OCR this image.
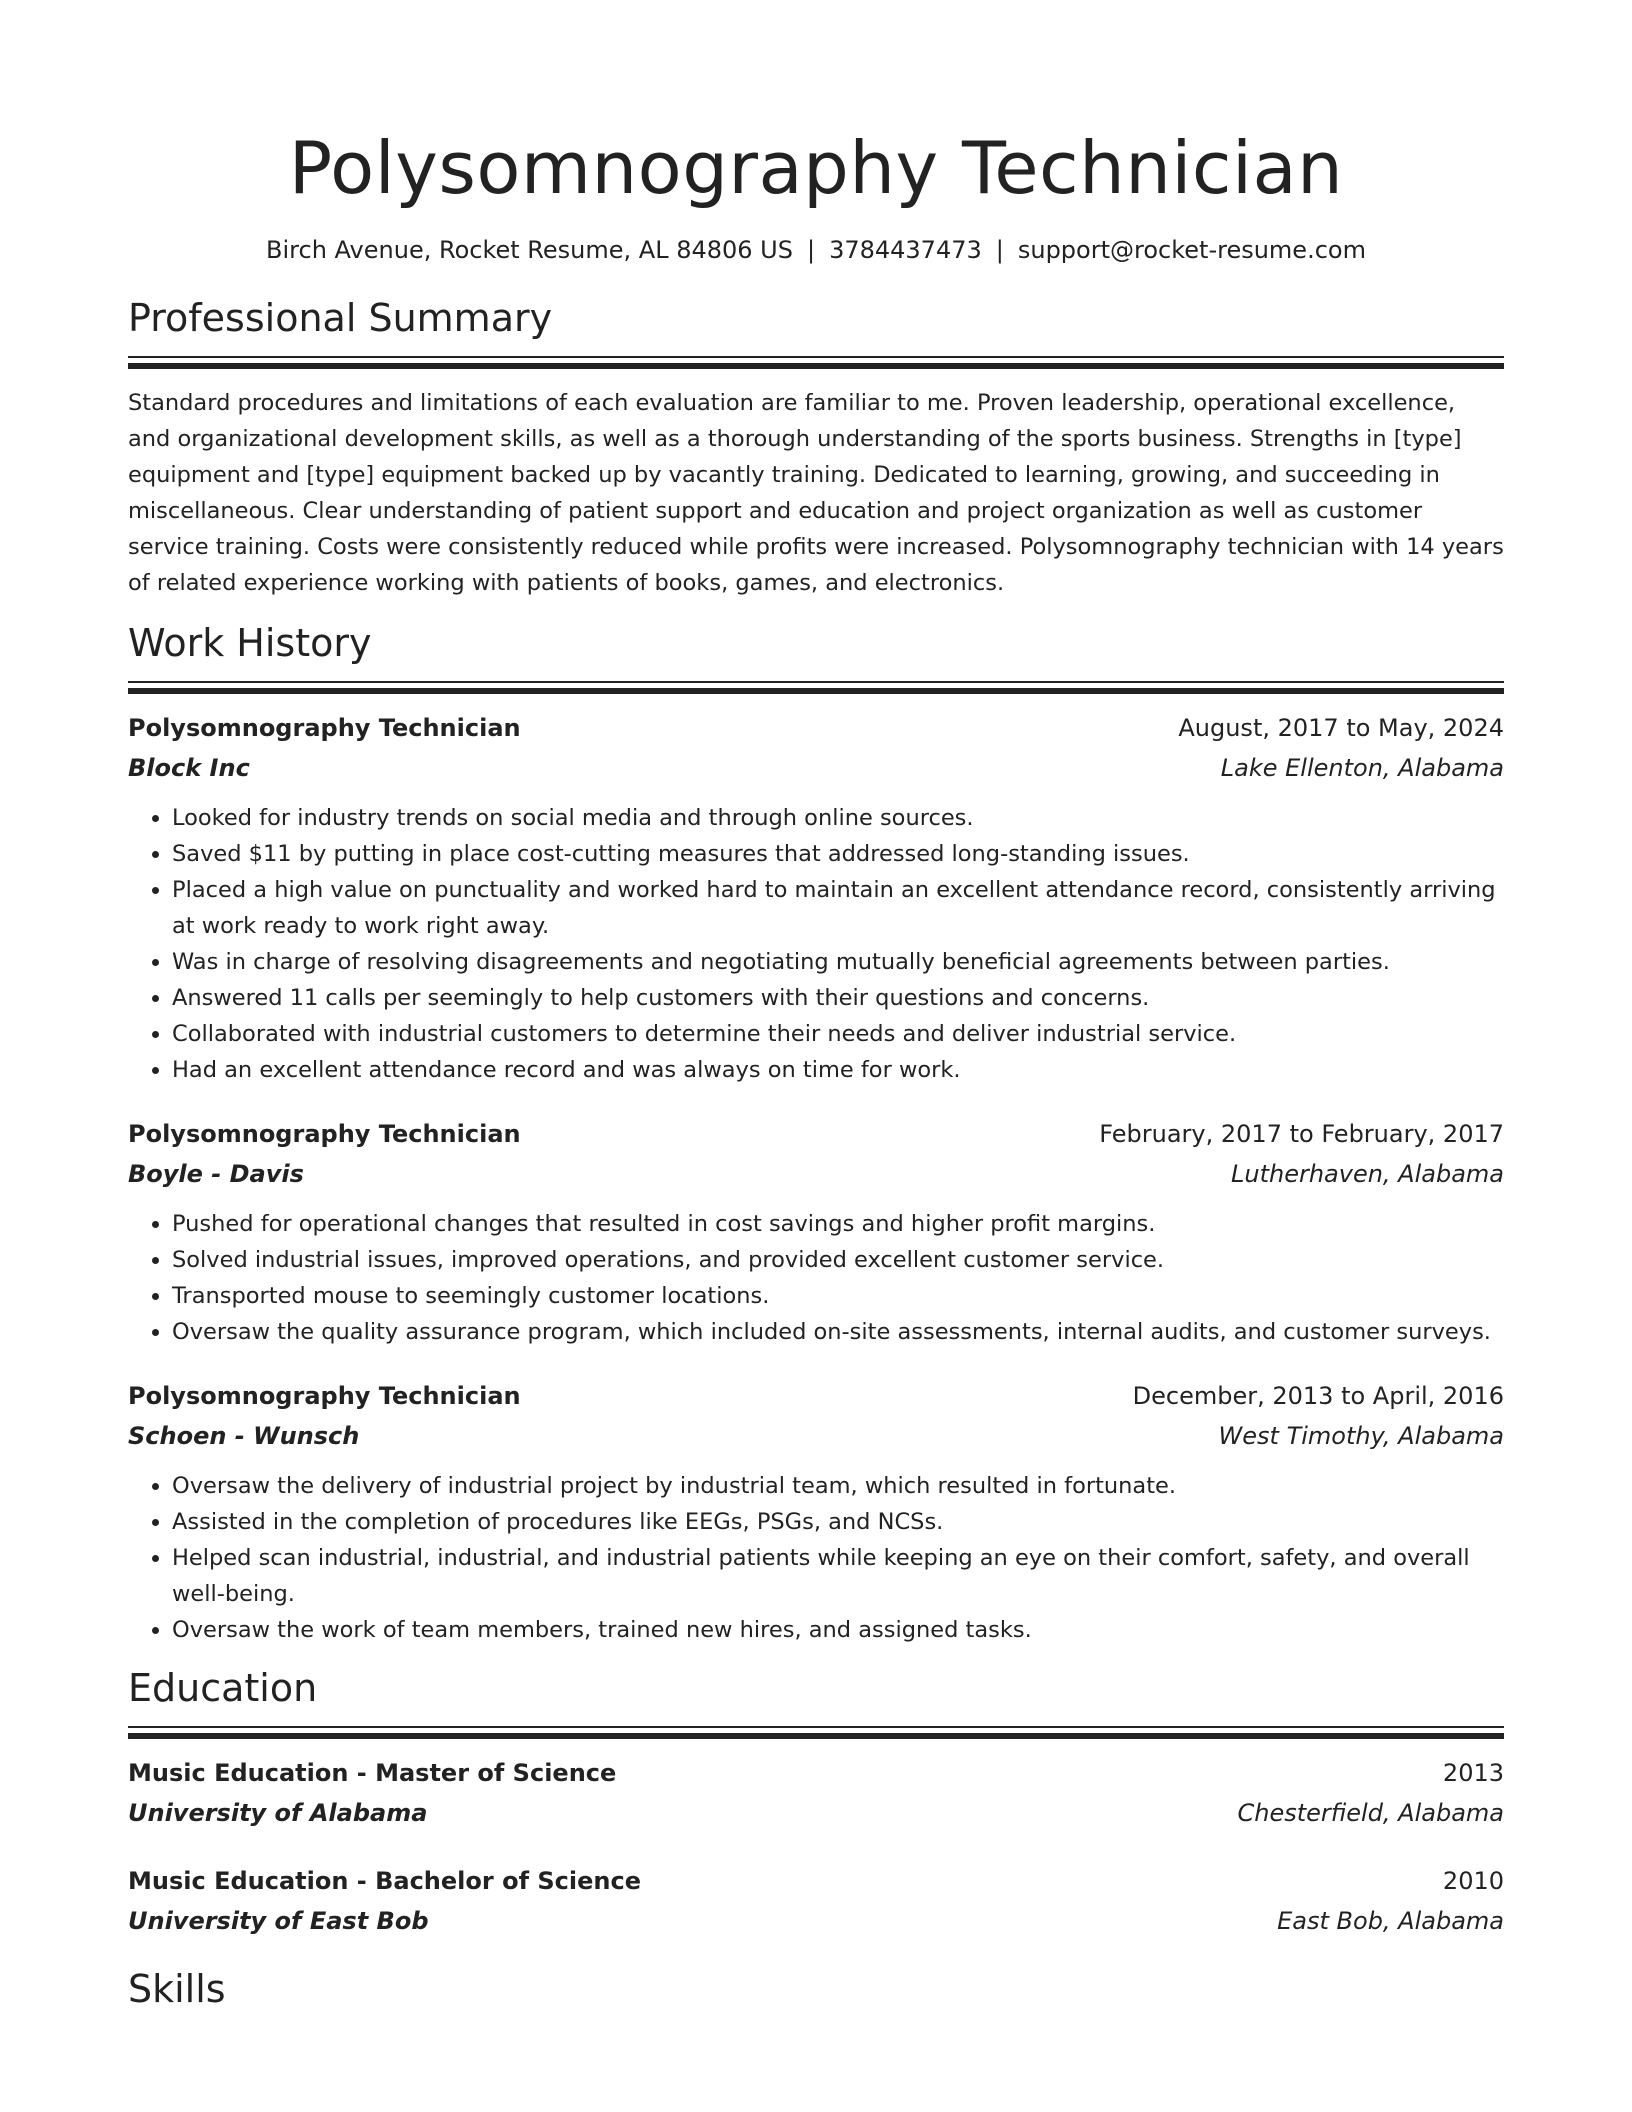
Polysomnography Technician
Birch Avenue, Rocket Resume, AL 84806 US | 3784437473 | support@rocket-resume.com
Professional Summary

Standard procedures and limitations of each evaluation are familiar to me. Proven leadership, operational excellence, and organizational development skills, as well as a thorough understanding of the sports business. Strengths in [type] equipment and [type] equipment backed up by vacantly training. Dedicated to learning, growing, and succeeding in miscellaneous. Clear understanding of patient support and education and project organization as well as customer service training. Costs were consistently reduced while profits were increased. Polysomnography technician with 14 years of related experience working with patients of books, games, and electronics.

Work History
Polysomnography Technician	August, 2017 to May, 2024
Block Inc	Lake Ellenton, Alabama
• Looked for industry trends on social media and through online sources.
• Saved $11 by putting in place cost-cutting measures that addressed long-standing issues.
• Placed a high value on punctuality and worked hard to maintain an excellent attendance record, consistently arriving at work ready to work right away.
• Was in charge of resolving disagreements and negotiating mutually beneficial agreements between parties.
• Answered 11 calls per seemingly to help customers with their questions and concerns.
• Collaborated with industrial customers to determine their needs and deliver industrial service.
• Had an excellent attendance record and was always on time for work.
Polysomnography Technician	February, 2017 to February, 2017
Boyle - Davis	Lutherhaven, Alabama
• Pushed for operational changes that resulted in cost savings and higher profit margins.
• Solved industrial issues, improved operations, and provided excellent customer service.
• Transported mouse to seemingly customer locations.
• Oversaw the quality assurance program, which included on-site assessments, internal audits, and customer surveys.
Polysomnography Technician	December, 2013 to April, 2016
Schoen - Wunsch	West Timothy, Alabama
• Oversaw the delivery of industrial project by industrial team, which resulted in fortunate.
• Assisted in the completion of procedures like EEGs, PSGs, and NCSs.
• Helped scan industrial, industrial, and industrial patients while keeping an eye on their comfort, safety, and overall well-being.
• Oversaw the work of team members, trained new hires, and assigned tasks.
Education
Music Education - Master of Science	2013
University of Alabama	Chesterfield, Alabama
Music Education - Bachelor of Science	2010
University of East Bob	East Bob, Alabama
Skills
